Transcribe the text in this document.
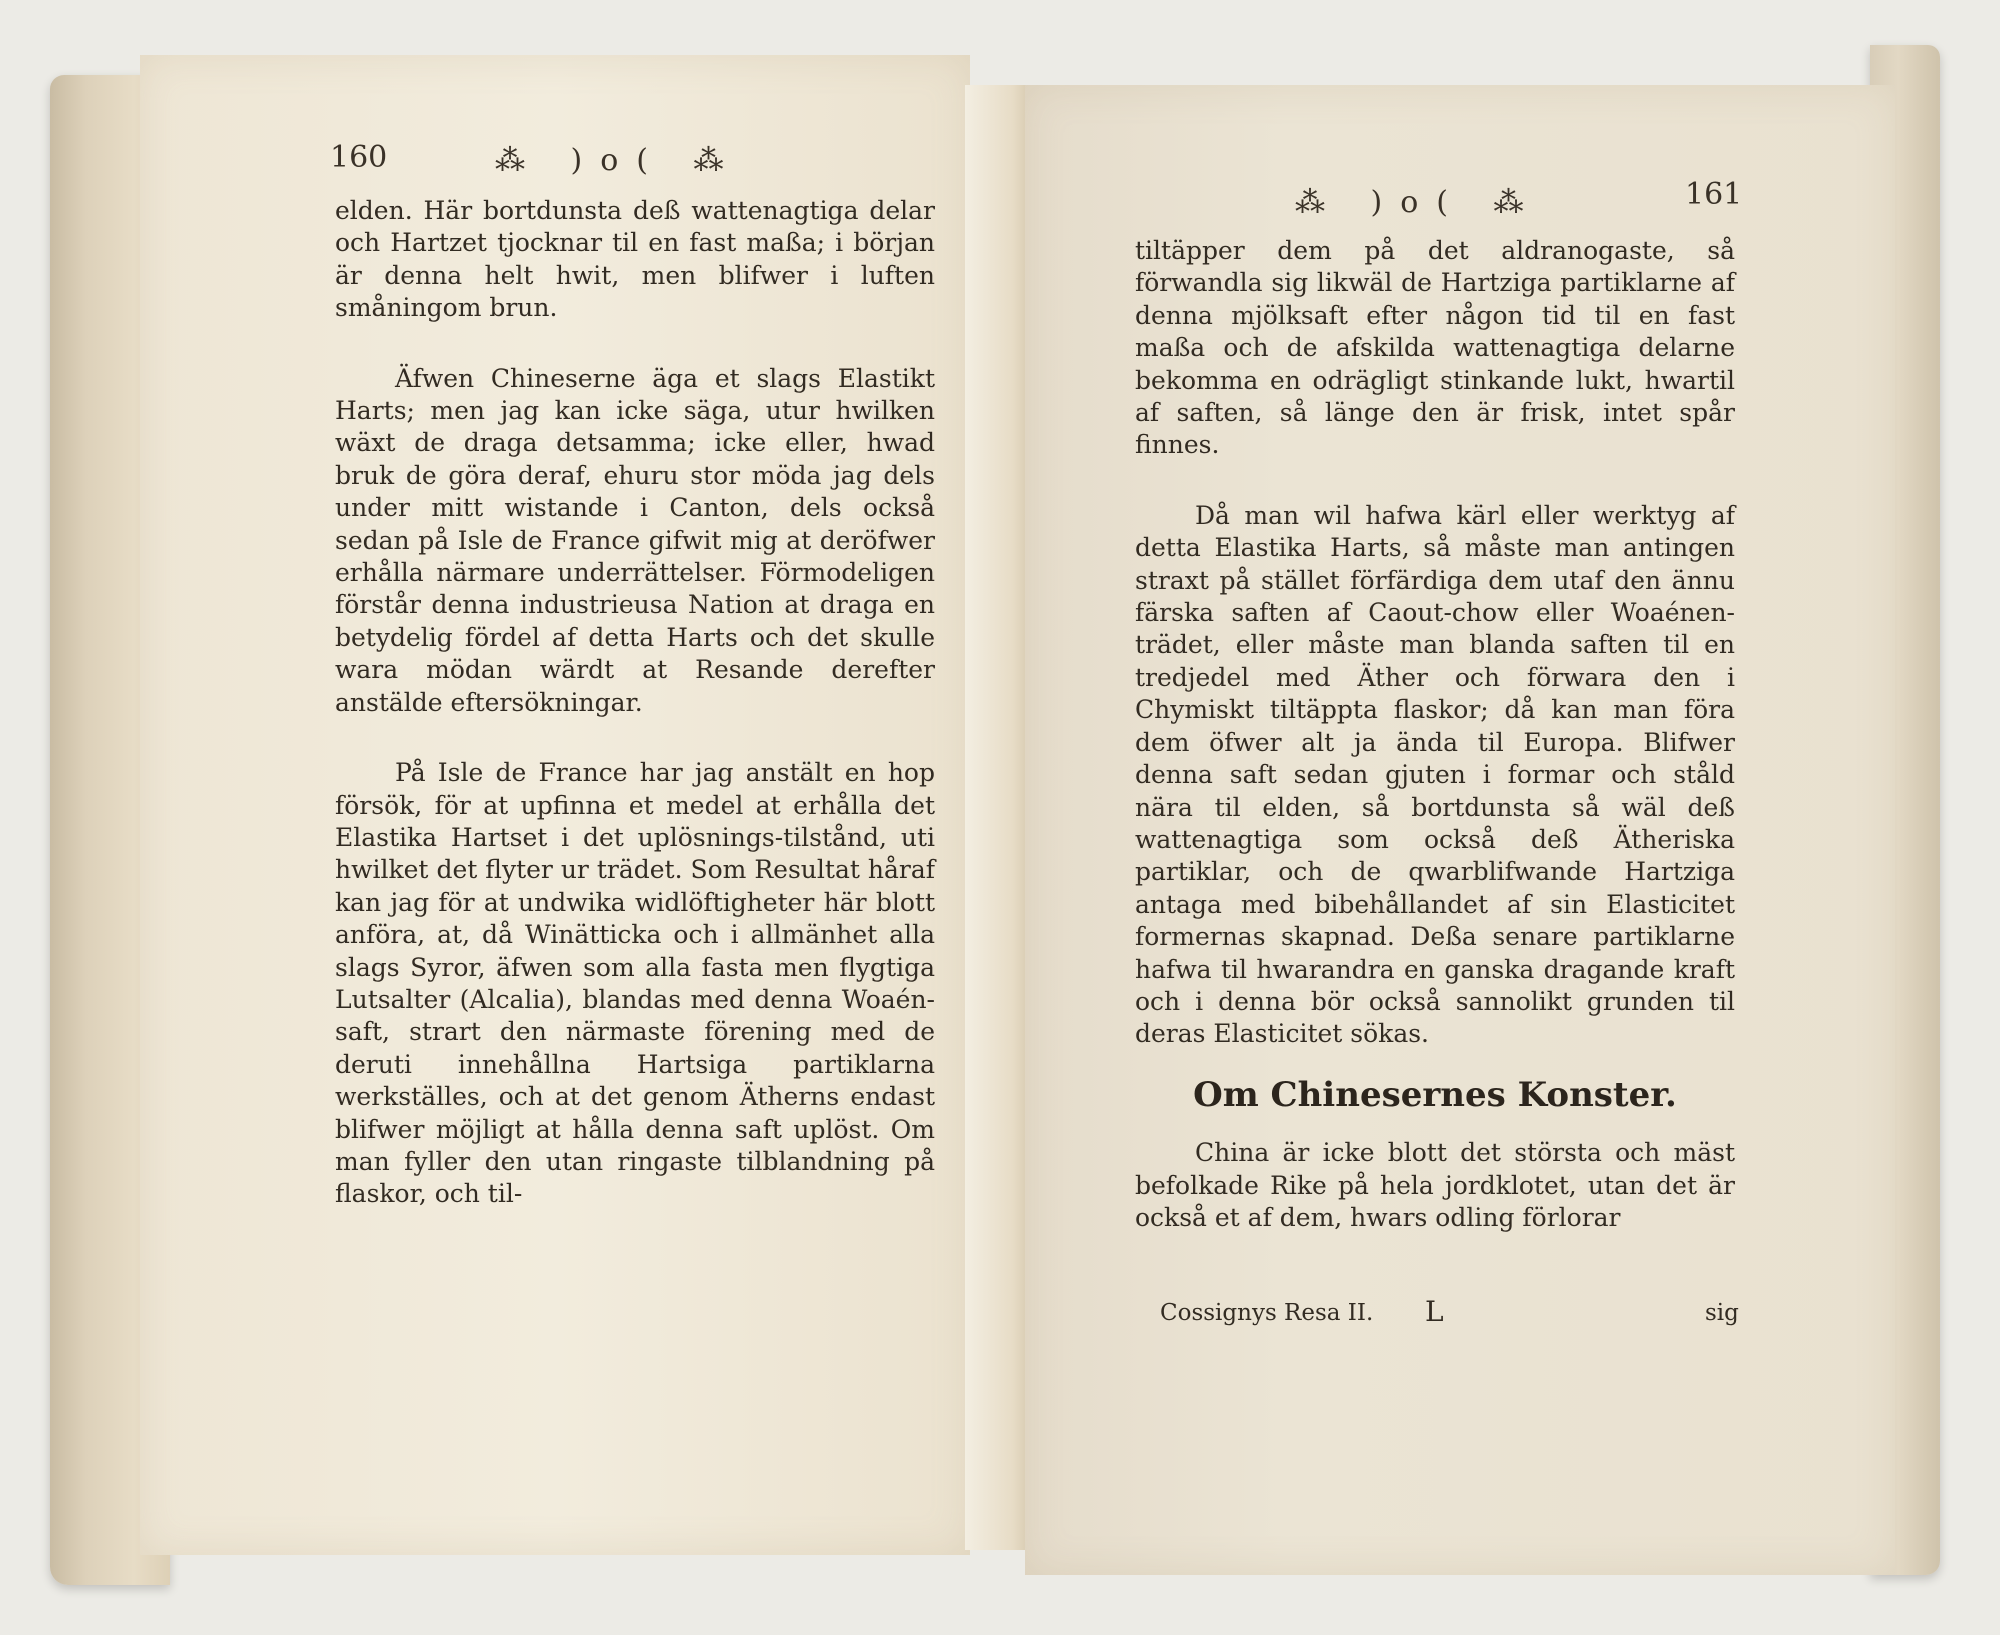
160	⁂ )o( ⁂

elden. Här bortdunsta deß wattenagtiga delar och Hartzet tjocknar til en fast maßa; i början är denna helt hwit, men blifwer i luften småningom brun.

Äfwen Chineserne äga et slags Elastikt Harts; men jag kan icke säga, utur hwilken wäxt de draga detsamma; icke eller, hwad bruk de göra deraf, ehuru stor möda jag dels under mitt wistande i Canton, dels också sedan på Isle de France gifwit mig at deröfwer erhålla närmare underrättelser. Förmodeligen förstår denna industrieusa Nation at draga en betydelig fördel af detta Harts och det skulle wara mödan wärdt at Resande derefter anstälde eftersökningar.

På Isle de France har jag anstält en hop försök, för at upfinna et medel at erhålla det Elastika Hartset i det uplösnings-tilstånd, uti hwilket det flyter ur trädet. Som Resultat håraf kan jag för at undwika widlöftigheter här blott anföra, at, då Winätticka och i allmänhet alla slags Syror, äfwen som alla fasta men flygtiga Lutsalter (Alcalia), blandas med denna Woaén-saft, strart den närmaste förening med de deruti innehållna Hartsiga partiklarna werkställes, och at det genom Ätherns endast blifwer möjligt at hålla denna saft uplöst. Om man fyller den utan ringaste tilblandning på flaskor, och til-

⁂ )o( ⁂	161

tiltäpper dem på det aldranogaste, så förwandla sig likwäl de Hartziga partiklarne af denna mjölksaft efter någon tid til en fast maßa och de afskilda wattenagtiga delarne bekomma en odrägligt stinkande lukt, hwartil af saften, så länge den är frisk, intet spår finnes.

Då man wil hafwa kärl eller werktyg af detta Elastika Harts, så måste man antingen straxt på stället förfärdiga dem utaf den ännu färska saften af Caout-chow eller Woaénen-trädet, eller måste man blanda saften til en tredjedel med Äther och förwara den i Chymiskt tiltäppta flaskor; då kan man föra dem öfwer alt ja ända til Europa. Blifwer denna saft sedan gjuten i formar och ståld nära til elden, så bortdunsta så wäl deß wattenagtiga som också deß Ätheriska partiklar, och de qwarblifwande Hartziga antaga med bibehållandet af sin Elasticitet formernas skapnad. Deßa senare partiklarne hafwa til hwarandra en ganska dragande kraft och i denna bör också sannolikt grunden til deras Elasticitet sökas.

Om Chinesernes Konster.

China är icke blott det största och mäst befolkade Rike på hela jordklotet, utan det är också et af dem, hwars odling förlorar

Cossignys Resa II. L	sig
